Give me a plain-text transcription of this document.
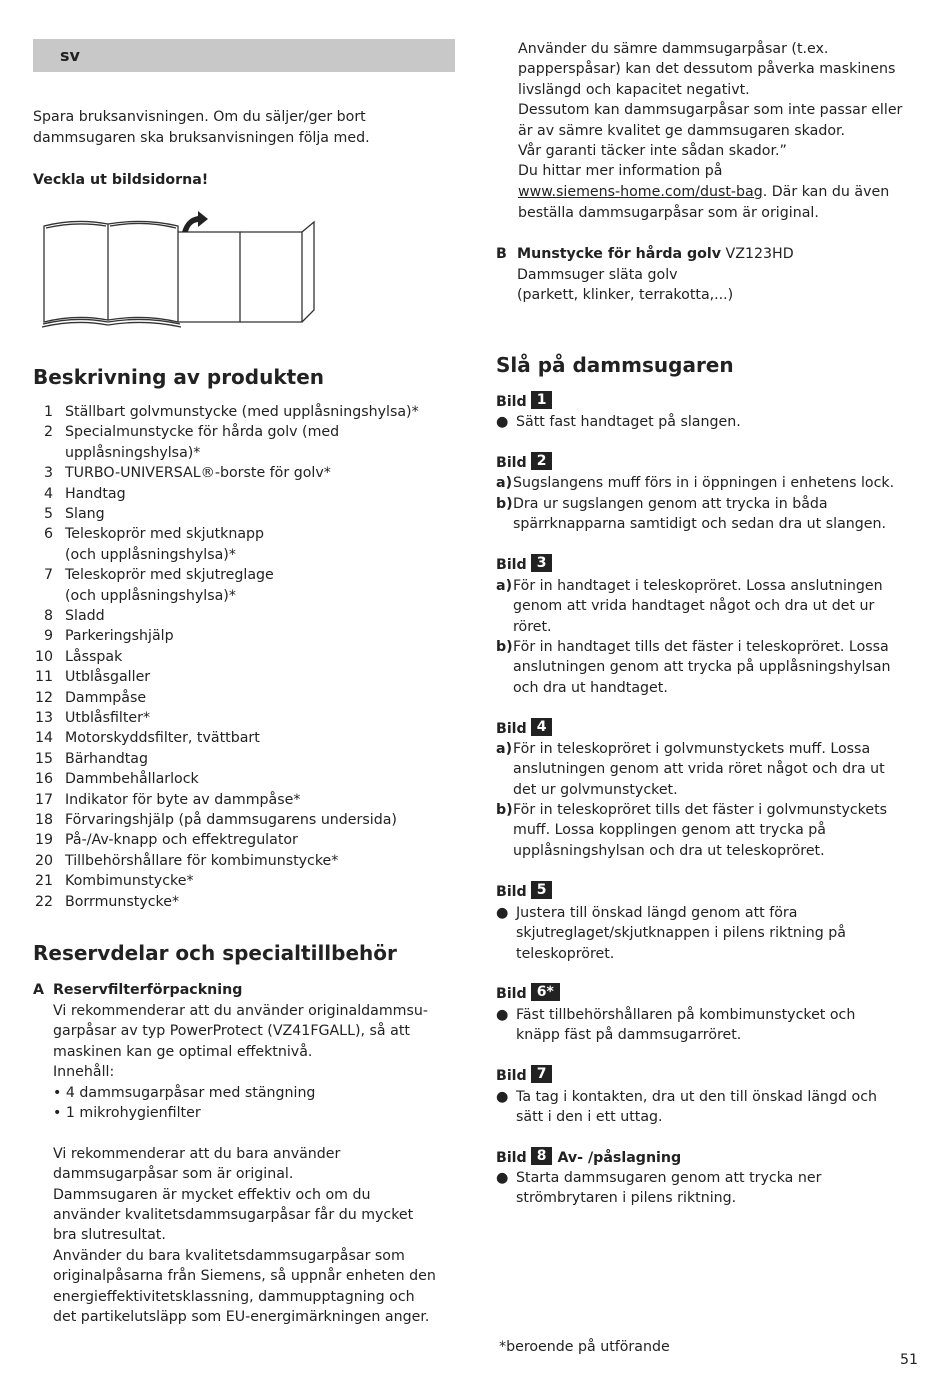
sv

Spara bruksanvisningen. Om du säljer/ger bort

dammsugaren ska bruksanvisningen följa med.

Veckla ut bildsidorna!

Beskrivning av produkten
1 Ställbart golvmunstycke (med upplåsningshylsa)*
2 Specialmunstycke för hårda golv (med
upplåsningshylsa)*
3 TURBO-UNIVERSAL®-borste för golv*
4 Handtag
5 Slang
6 Teleskoprör med skjutknapp
(och upplåsningshylsa)*
7 Teleskoprör med skjutreglage
(och upplåsningshylsa)*
8 Sladd
9 Parkeringshjälp
10 Låsspak
11 Utblåsgaller
12 Dammpåse
13 Utblåsfilter*
14 Motorskyddsfilter, tvättbart
15 Bärhandtag
16 Dammbehållarlock
17 Indikator för byte av dammpåse*
18 Förvaringshjälp (på dammsugarens undersida)
19 På-/Av-knapp och effektregulator
20 Tillbehörshållare för kombimunstycke*
21 Kombimunstycke*
22 Borrmunstycke*
Reservdelar och specialtillbehör
A Reservfilterförpackning
Vi rekommenderar att du använder originaldammsu-
garpåsar av typ PowerProtect (VZ41FGALL), så att
maskinen kan ge optimal effektnivå.
Innehåll:
• 4 dammsugarpåsar med stängning
• 1 mikrohygienfilter
Vi rekommenderar att du bara använder
dammsugarpåsar som är original.
Dammsugaren är mycket effektiv och om du
använder kvalitetsdammsugarpåsar får du mycket
bra slutresultat.
Använder du bara kvalitetsdammsugarpåsar som
originalpåsarna från Siemens, så uppnår enheten den
energieffektivitetsklassning, dammupptagning och
det partikelutsläpp som EU-energimärkningen anger.
Använder du sämre dammsugarpåsar (t.ex.
papperspåsar) kan det dessutom påverka maskinens
livslängd och kapacitet negativt.
Dessutom kan dammsugarpåsar som inte passar eller
är av sämre kvalitet ge dammsugaren skador.
Vår garanti täcker inte sådan skador.”
Du hittar mer information på
www.siemens-home.com/dust-bag. Där kan du även
beställa dammsugarpåsar som är original.
B Munstycke för hårda golv VZ123HD
Dammsuger släta golv
(parkett, klinker, terrakotta,...)
Slå på dammsugaren
Bild 1
● Sätt fast handtaget på slangen.
Bild 2
a) Sugslangens muff förs in i öppningen i enhetens lock.
b) Dra ur sugslangen genom att trycka in båda
spärrknapparna samtidigt och sedan dra ut slangen.
Bild 3
a) För in handtaget i teleskopröret. Lossa anslutningen
genom att vrida handtaget något och dra ut det ur
röret.
b) För in handtaget tills det fäster i teleskopröret. Lossa
anslutningen genom att trycka på upplåsningshylsan
och dra ut handtaget.
Bild 4
a) För in teleskopröret i golvmunstyckets muff. Lossa
anslutningen genom att vrida röret något och dra ut
det ur golvmunstycket.
b) För in teleskopröret tills det fäster i golvmunstyckets
muff. Lossa kopplingen genom att trycka på
upplåsningshylsan och dra ut teleskopröret.
Bild 5
● Justera till önskad längd genom att föra
skjutreglaget/skjutknappen i pilens riktning på
teleskopröret.
Bild 6*
● Fäst tillbehörshållaren på kombimunstycket och
knäpp fäst på dammsugarröret.
Bild 7
● Ta tag i kontakten, dra ut den till önskad längd och
sätt i den i ett uttag.
Bild 8 Av- /påslagning
● Starta dammsugaren genom att trycka ner
strömbrytaren i pilens riktning.
*beroende på utförande
51
